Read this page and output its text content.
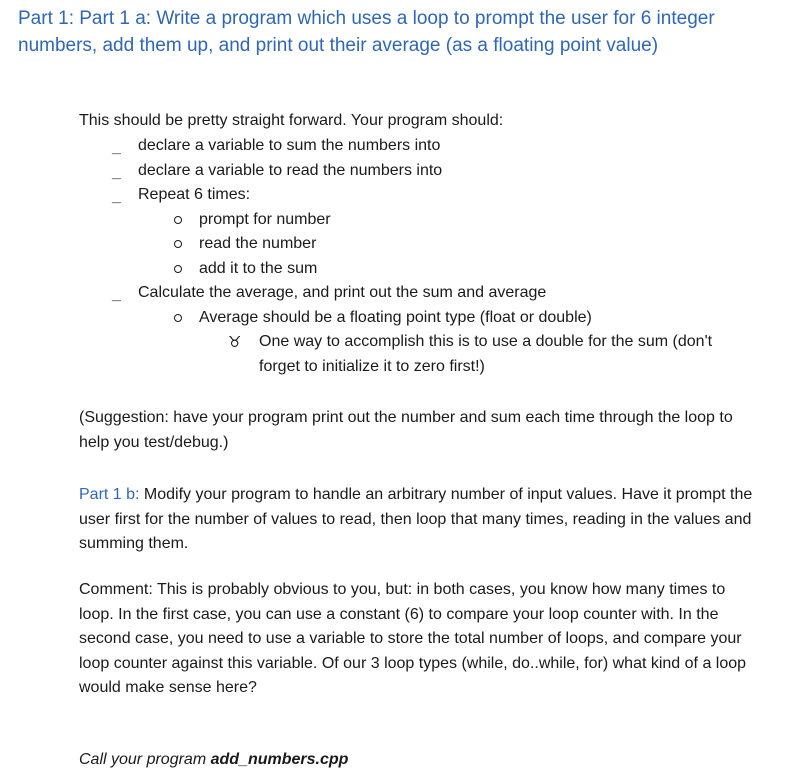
Part 1: Part 1 a: Write a program which uses a loop to prompt the user for 6 integer numbers, add them up, and print out their average (as a floating point value)

This should be pretty straight forward. Your program should:

_ declare a variable to sum the numbers into
_ declare a variable to read the numbers into
_ Repeat 6 times:
prompt for number
read the number
add it to the sum
_ Calculate the average, and print out the sum and average
Average should be a floating point type (float or double)
♉ One way to accomplish this is to use a double for the sum (don't forget to initialize it to zero first!)

(Suggestion: have your program print out the number and sum each time through the loop to help you test/debug.)

Part 1 b: Modify your program to handle an arbitrary number of input values. Have it prompt the user first for the number of values to read, then loop that many times, reading in the values and summing them.

Comment: This is probably obvious to you, but: in both cases, you know how many times to loop. In the first case, you can use a constant (6) to compare your loop counter with. In the second case, you need to use a variable to store the total number of loops, and compare your loop counter against this variable. Of our 3 loop types (while, do..while, for) what kind of a loop would make sense here?

Call your program add_numbers.cpp
